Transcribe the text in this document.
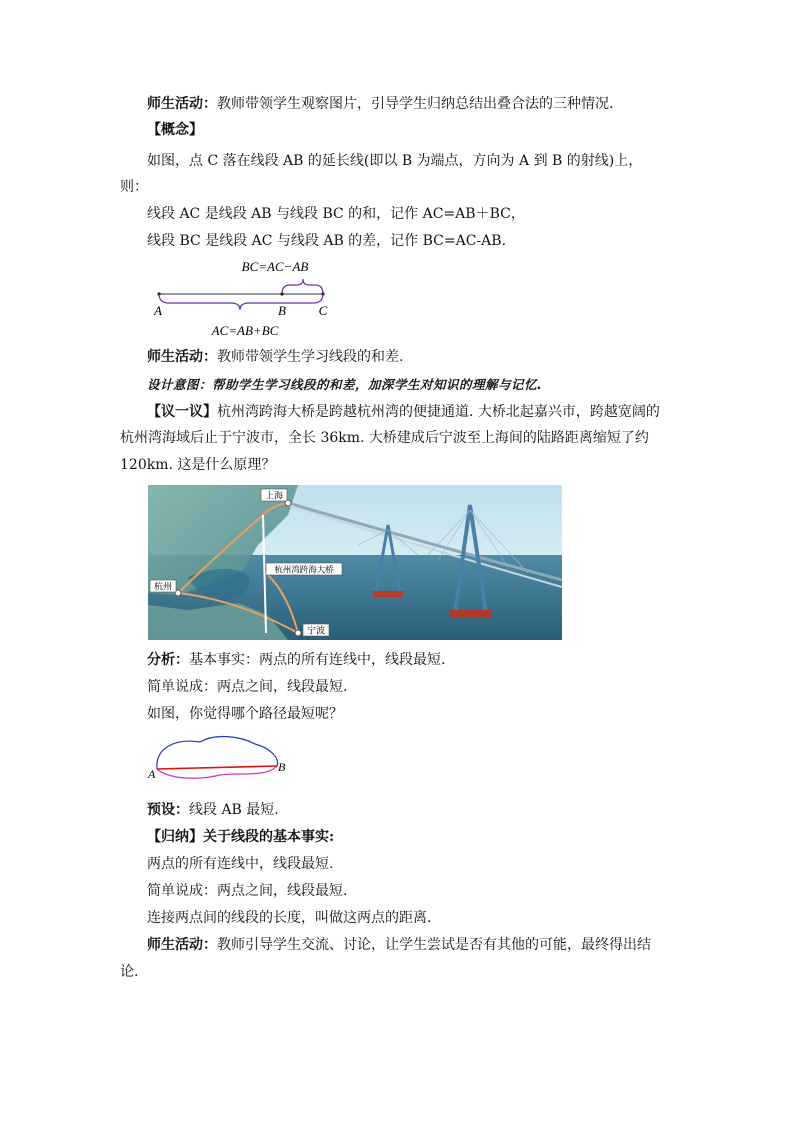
师生活动：教师带领学生观察图片，引导学生归纳总结出叠合法的三种情况.
【概念】
如图，点 C 落在线段 AB 的延长线(即以 B 为端点，方向为 A 到 B 的射线)上，
则：
线段 AC 是线段 AB 与线段 BC 的和，记作 AC=AB＋BC，
线段 BC 是线段 AC 与线段 AB 的差，记作 BC=AC-AB.
BC=AC−AB
A	B	C
AC=AB+BC
师生活动：教师带领学生学习线段的和差.
设计意图：帮助学生学习线段的和差，加深学生对知识的理解与记忆.
【议一议】杭州湾跨海大桥是跨越杭州湾的便捷通道. 大桥北起嘉兴市，跨越宽阔的
杭州湾海域后止于宁波市，全长 36km. 大桥建成后宁波至上海间的陆路距离缩短了约
120km. 这是什么原理？
上海
杭州
杭州湾跨海大桥
宁波
分析：基本事实：两点的所有连线中，线段最短.
简单说成：两点之间，线段最短.
如图，你觉得哪个路径最短呢？
A	B
预设：线段 AB 最短.
【归纳】关于线段的基本事实:
两点的所有连线中，线段最短.
简单说成：两点之间，线段最短.
连接两点间的线段的长度，叫做这两点的距离.
师生活动：教师引导学生交流、讨论，让学生尝试是否有其他的可能，最终得出结
论.
